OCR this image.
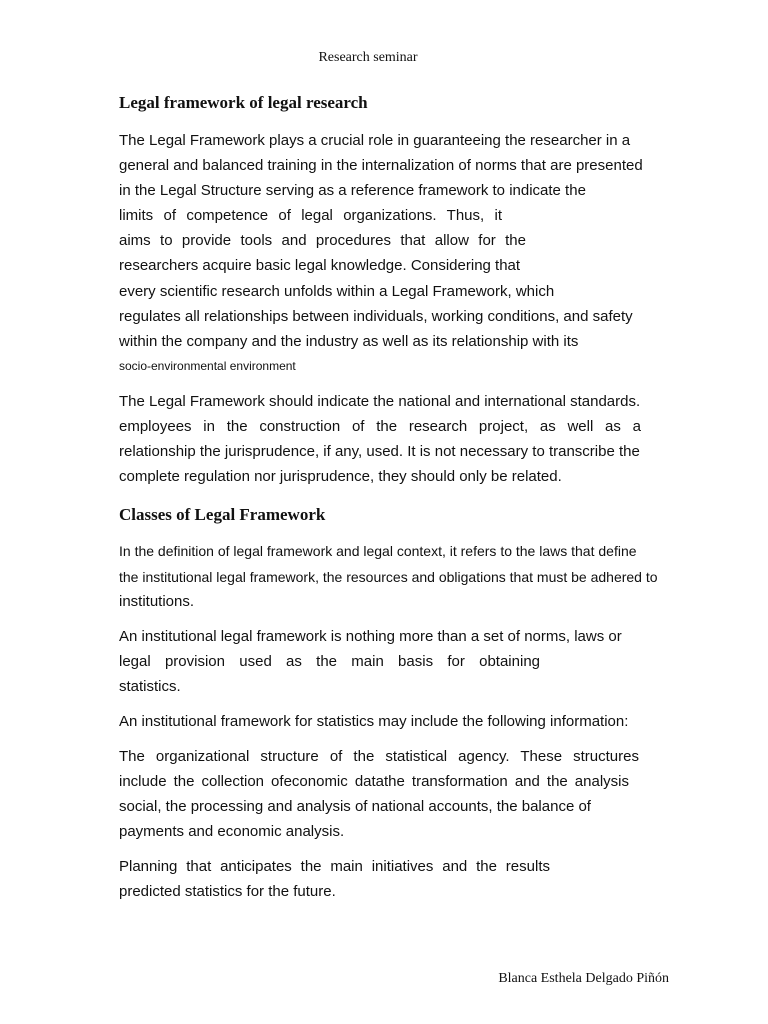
Research seminar
Legal framework of legal research
The Legal Framework plays a crucial role in guaranteeing the researcher in a
general and balanced training in the internalization of norms that are presented
in the Legal Structure serving as a reference framework to indicate the
limits of competence of legal organizations. Thus, it
aims to provide tools and procedures that allow for the
researchers acquire basic legal knowledge. Considering that
every scientific research unfolds within a Legal Framework, which
regulates all relationships between individuals, working conditions, and safety
within the company and the industry as well as its relationship with its
socio-environmental environment
The Legal Framework should indicate the national and international standards.
employees in the construction of the research project, as well as a
relationship the jurisprudence, if any, used. It is not necessary to transcribe the
complete regulation nor jurisprudence, they should only be related.
Classes of Legal Framework
In the definition of legal framework and legal context, it refers to the laws that define
the institutional legal framework, the resources and obligations that must be adhered to
institutions.
An institutional legal framework is nothing more than a set of norms, laws or
legal provision used as the main basis for obtaining
statistics.
An institutional framework for statistics may include the following information:
The organizational structure of the statistical agency. These structures
include the collection ofeconomic datathe transformation and the analysis
social, the processing and analysis of national accounts, the balance of
payments and economic analysis.
Planning that anticipates the main initiatives and the results
predicted statistics for the future.
Blanca Esthela Delgado Piñón
